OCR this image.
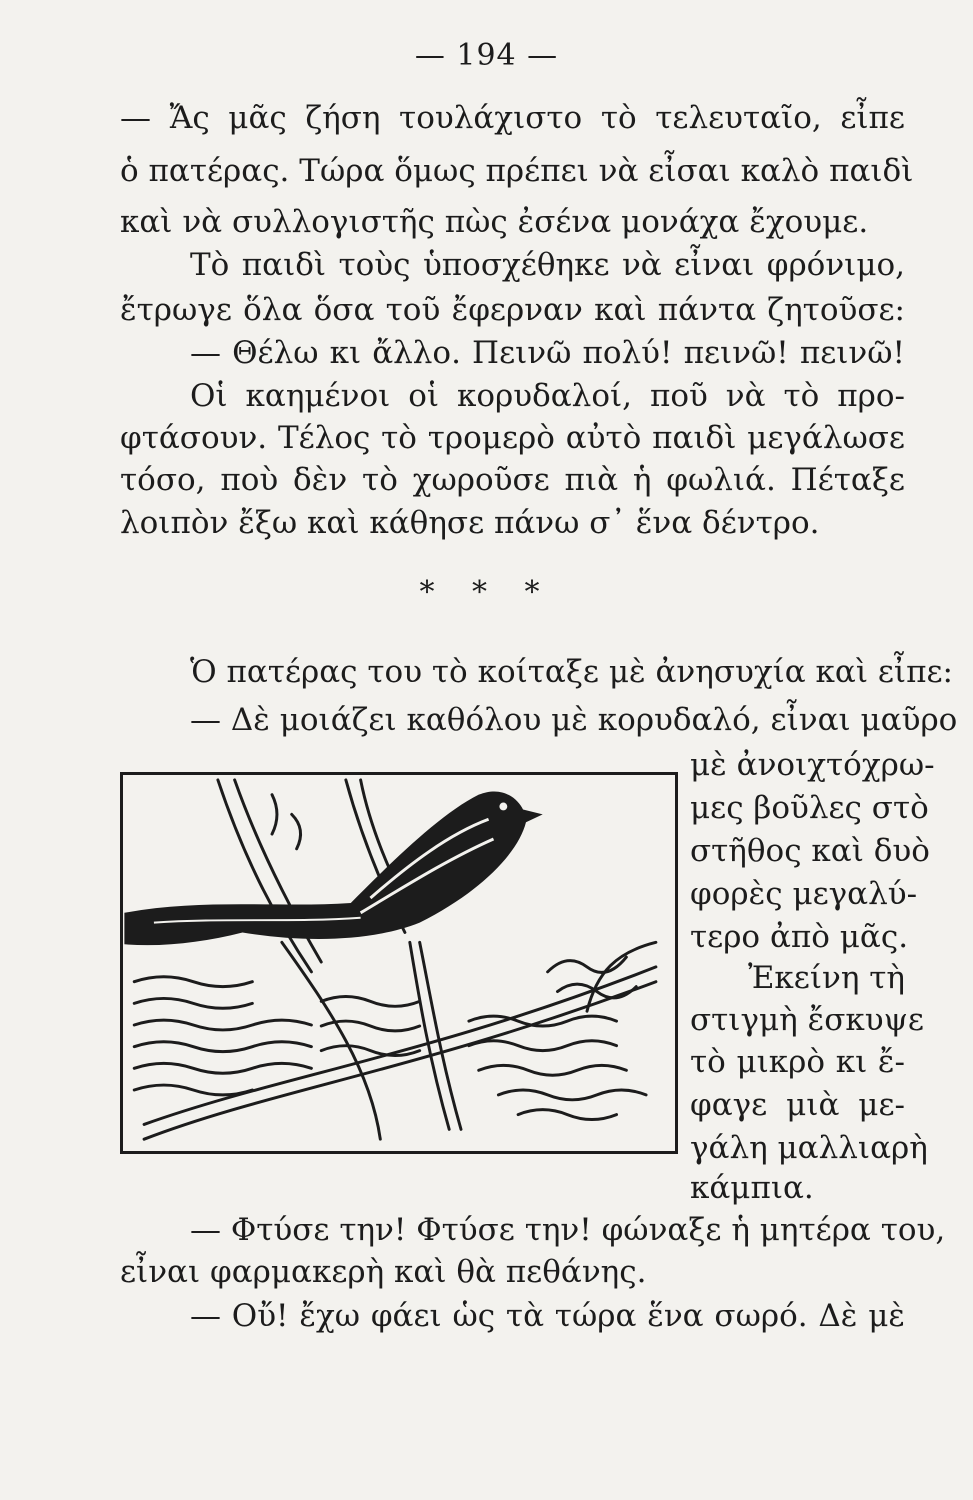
— 194 —
— Ἄς μᾶς ζήση τουλάχιστο τὸ τελευταῖο, εἶπε
ὁ πατέρας. Τώρα ὅμως πρέπει νὰ εἶσαι καλὸ παιδὶ
καὶ νὰ συλλογιστῆς πὼς ἐσένα μονάχα ἔχουμε.
Τὸ παιδὶ τοὺς ὑποσχέθηκε νὰ εἶναι φρόνιμο,
ἔτρωγε ὅλα ὅσα τοῦ ἔφερναν καὶ πάντα ζητοῦσε:
— Θέλω κι ἄλλο. Πεινῶ πολύ! πεινῶ! πεινῶ!
Οἱ καημένοι οἱ κορυδαλοί, ποῦ νὰ τὸ προ-
φτάσουν. Τέλος τὸ τρομερὸ αὐτὸ παιδὶ μεγάλωσε
τόσο, ποὺ δὲν τὸ χωροῦσε πιὰ ἡ φωλιά. Πέταξε
λοιπὸν ἔξω καὶ κάθησε πάνω σ᾽ ἕνα δέντρο.
* * *
Ὁ πατέρας του τὸ κοίταξε μὲ ἀνησυχία καὶ εἶπε:
— Δὲ μοιάζει καθόλου μὲ κορυδαλό, εἶναι μαῦρο
μὲ ἀνοιχτόχρω-
μες βοῦλες στὸ
στῆθος καὶ δυὸ
φορὲς μεγαλύ-
τερο ἀπὸ μᾶς.
Ἐκείνη τὴ
στιγμὴ ἔσκυψε
τὸ μικρὸ κι ἔ-
φαγε μιὰ με-
γάλη μαλλιαρὴ
κάμπια.
— Φτύσε την! Φτύσε την! φώναξε ἡ μητέρα του,
εἶναι φαρμακερὴ καὶ θὰ πεθάνης.
— Οὔ! ἔχω φάει ὡς τὰ τώρα ἕνα σωρό. Δὲ μὲ
